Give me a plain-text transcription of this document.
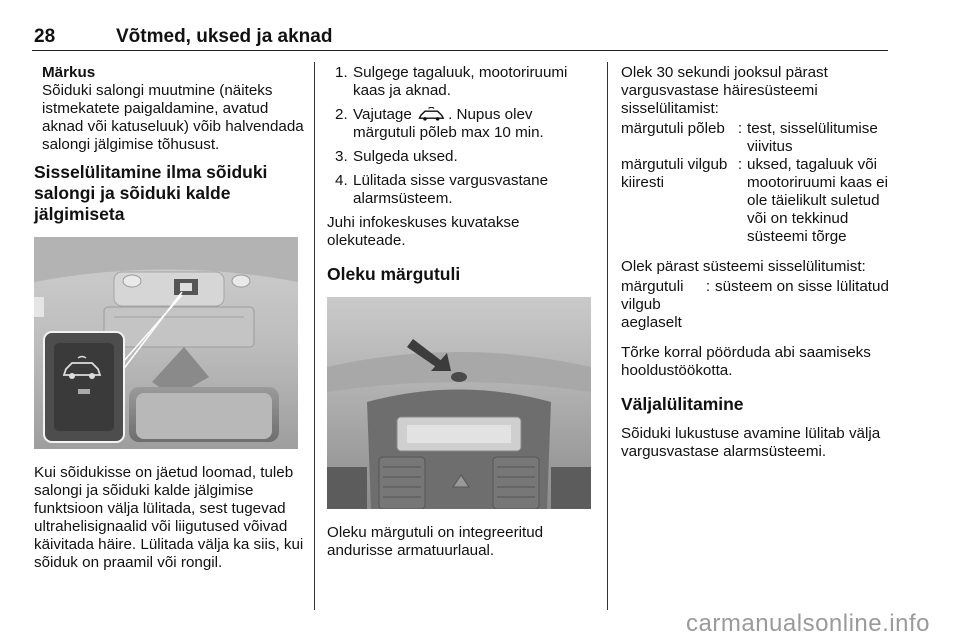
28	Võtmed, uksed ja aknad
Märkus
Sõiduki salongi muutmine (näiteks istmekatete paigaldamine, avatud aknad või katuseluuk) võib halvendada salongi jälgimise tõhusust.
Sisselülitamine ilma sõiduki salongi ja sõiduki kalde jälgimiseta

Kui sõidukisse on jäetud loomad, tuleb salongi ja sõiduki kalde jälgimise funktsioon välja lülitada, sest tugevad ultrahelisignaalid või liigutused võivad käivitada häire. Lülitada välja ka siis, kui sõiduk on praamil või rongil.

1. Sulgege tagaluuk, mootoriruumi kaas ja aknad.
2. Vajutage . Nupus olev märgutuli põleb max 10 min.
3. Sulgeda uksed.
4. Lülitada sisse vargusvastane alarmsüsteem.

Juhi infokeskuses kuvatakse olekuteade.

Oleku märgutuli

Oleku märgutuli on integreeritud andurisse armatuurlaual.

Olek 30 sekundi jooksul pärast vargusvastase häiresüsteemi sisselülitamist:

märgutuli põleb	:	test, sisselülitumise viivitus
märgutuli vilgub kiiresti	:	uksed, tagaluuk või mootoriruumi kaas ei ole täielikult suletud või on tekkinud süsteemi tõrge

Olek pärast süsteemi sisselülitumist:

märgutuli vilgub aeglaselt	:	süsteem on sisse lülitatud

Tõrke korral pöörduda abi saamiseks hooldustöökotta.

Väljalülitamine

Sõiduki lukustuse avamine lülitab välja vargusvastase alarmsüsteemi.

carmanualsonline.info
